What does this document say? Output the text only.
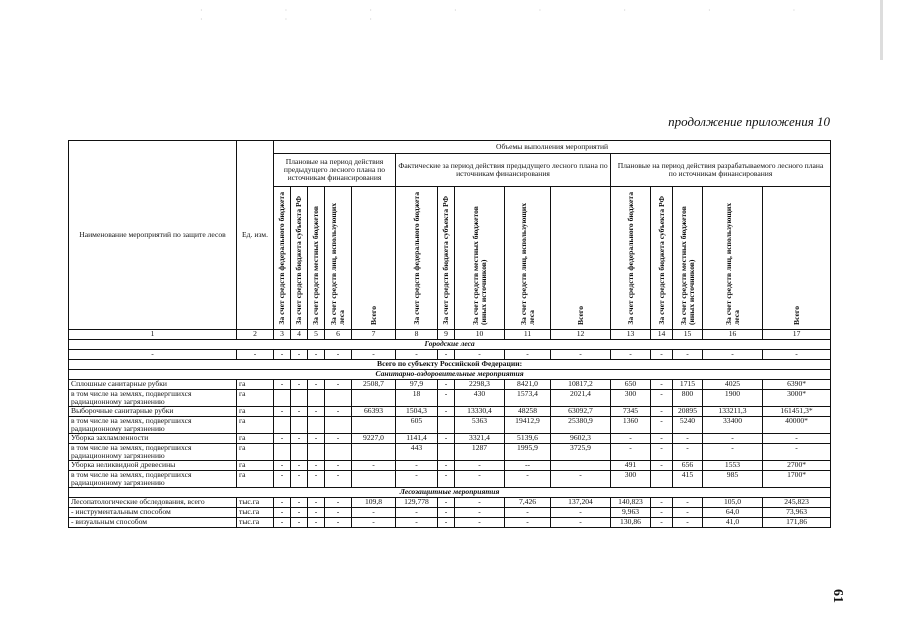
· · · · · · · · · · ·
продолжение приложения 10
Наименование мероприятий по защите лесов	Ед. изм.	Объемы выполнения мероприятий														
		Плановые на период действия предыдущего лесного плана по источникам финансирования					Фактические за период действия предыдущего лесного плана по источникам финансирования					Плановые на период действия разрабатываемого лесного плана по источникам финансирования				
		За счет средств федерального бюджета	За счет средств бюджета субъекта РФ	За счет средств местных бюджетов	За счет средств лиц, использующих леса	Всего	За счет средств федерального бюджета	За счет средств бюджета субъекта РФ	За счет средств местных бюджетов (иных источников)	За счет средств лиц, использующих леса	Всего	За счет средств федерального бюджета	За счет средств бюджета субъекта РФ	За счет средств местных бюджетов (иных источников)	За счет средств лиц, использующих леса	Всего
1	2	3	4	5	6	7	8	9	10	11	12	13	14	15	16	17
Городские леса																
-	-	-	-	-	-	-	-	-	-	-	-	-	-	-	-	-
Всего по субъекту Российской Федерации:																
Санитарно-оздоровительные мероприятия																
Сплошные санитарные рубки	га	-	-	-	-	2508,7	97,9	-	2298,3	8421,0	10817,2	650	-	1715	4025	6390*
в том числе на землях, подвергшихся радиационному загрязнению	га						18	-	430	1573,4	2021,4	300	-	800	1900	3000*
Выборочные санитарные рубки	га	-	-	-	-	66393	1504,3	-	13330,4	48258	63092,7	7345	-	20895	133211,3	161451,3*
в том числе на землях, подвергшихся радиационному загрязнению	га						605		5363	19412,9	25380,9	1360	-	5240	33400	40000*
Уборка захламленности	га	-	-	-	-	9227,0	1141,4	-	3321,4	5139,6	9602,3	-	-	-	-	-
в том числе на землях, подвергшихся радиационному загрязнению	га						443		1287	1995,9	3725,9	-	-	-	-	-
Уборка неликвидной древесины	га	-	-	-	-	-	-	-	-	--		491	-	656	1553	2700*
в том числе на землях, подвергшихся радиационному загрязнению	га	-	-	-	-		-	-	-	-	-	300		415	985	1700*
Лесозащитные мероприятия																
Лесопатологические обследования, всего	тыс.га	-	-	-	-	109,8	129,778	-	-	7,426	137,204	140,823	-	-	105,0	245,823
- инструментальным способом	тыс.га	-	-	-	-	-	-	-	-	-	-	9,963	-	-	64,0	73,963
- визуальным способом	тыс.га	-	-	-	-	-	-	-	-	-	-	130,86	-	-	41,0	171,86
61
